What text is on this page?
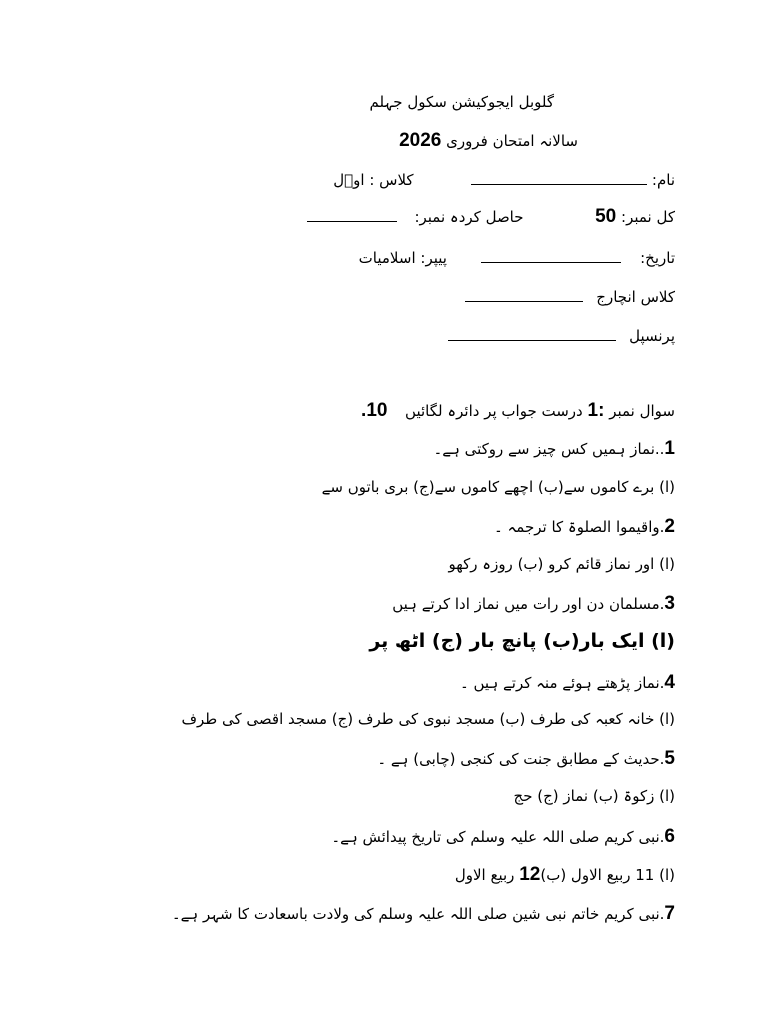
گلوبل ایجوکیشن سکول جہلم
سالانہ امتحان فروری 2026
نام:   کلاس : اوؒل
کل نمبر: 50  حاصل کردہ نمبر:
تاریخ:    پیپر: اسلامیات
کلاس انچارج
پرنسپل
سوال نمبر :1 درست جواب پر دائرہ لگائیں  10.
1..نماز ہمیں کس چیز سے روکتی ہے۔
(ا) برے کاموں سے(ب) اچھے کاموں سے(ج) بری باتوں سے
2.واقیموا الصلوۃ کا ترجمہ ۔
(ا) اور نماز قائم کرو (ب) روزہ رکھو
3.مسلمان دن اور رات میں نماز ادا کرتے ہیں
(ا) ایک بار(ب) پانچ بار (ج) اٹھ پر
4.نماز پڑھتے ہوئے منہ کرتے ہیں ۔
(ا) خانہ کعبہ کی طرف (ب) مسجد نبوی کی طرف (ج) مسجد اقصی کی طرف
5.حدیث کے مطابق جنت کی کنجی (چابی) ہے ۔
(ا) زکوۃ (ب) نماز (ج) حج
6.نبی کریم صلی اللہ علیہ وسلم کی تاریخ پیدائش ہے۔
(ا) 11 ربیع الاول (ب)12 ربیع الاول
7.نبی کریم خاتم نبی شین صلی اللہ علیہ وسلم کی ولادت باسعادت کا شہر ہے۔
